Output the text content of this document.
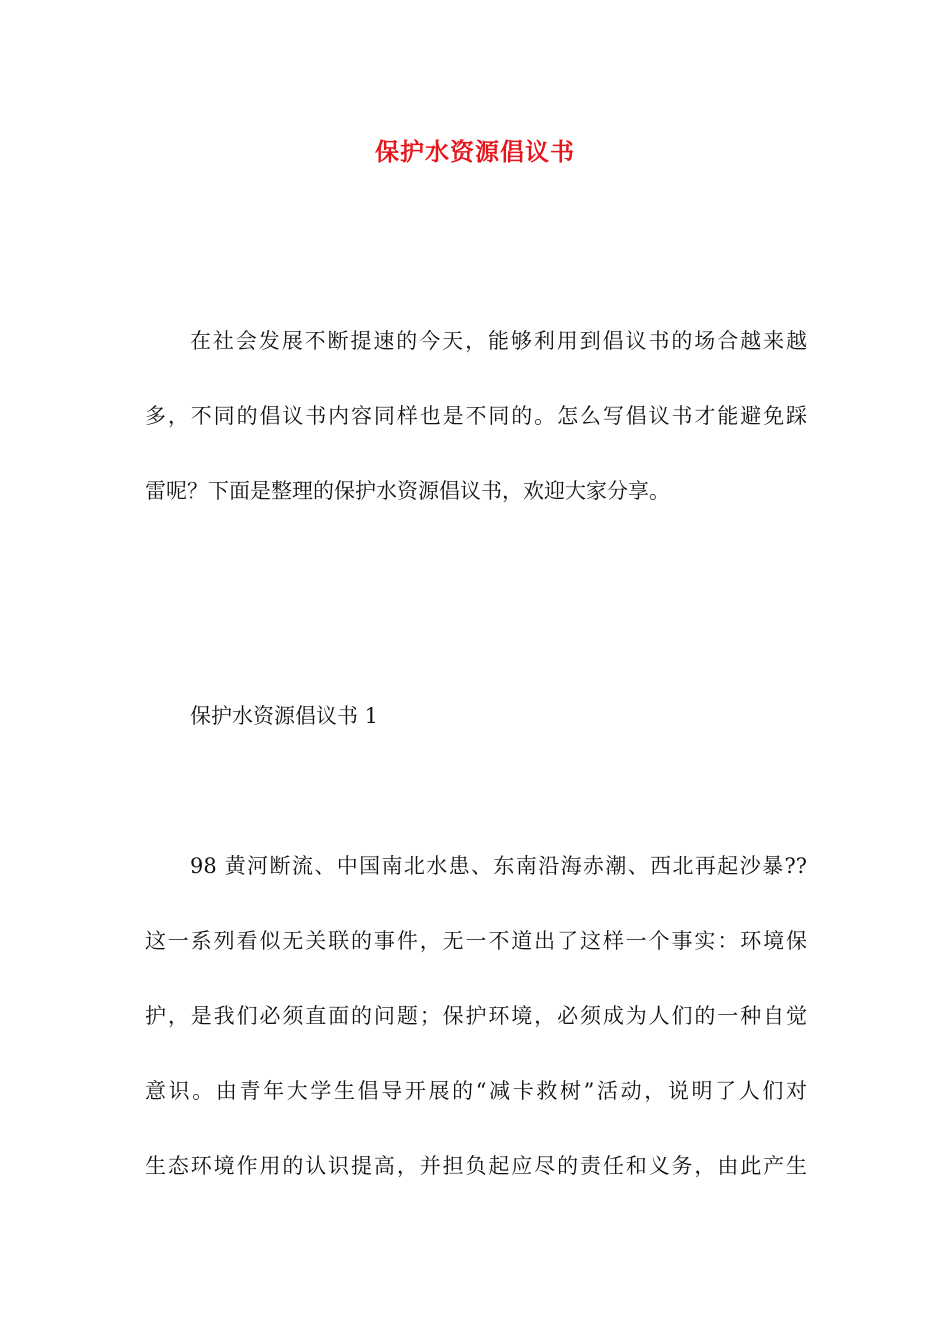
保护水资源倡议书
在社会发展不断提速的今天，能够利用到倡议书的场合越来越
多，不同的倡议书内容同样也是不同的。怎么写倡议书才能避免踩
雷呢？下面是整理的保护水资源倡议书，欢迎大家分享。
保护水资源倡议书 1
98 黄河断流、中国南北水患、东南沿海赤潮、西北再起沙暴??
这一系列看似无关联的事件，无一不道出了这样一个事实：环境保
护，是我们必须直面的问题；保护环境，必须成为人们的一种自觉
意识。由青年大学生倡导开展的“减卡救树”活动，说明了人们对
生态环境作用的认识提高，并担负起应尽的责任和义务，由此产生
